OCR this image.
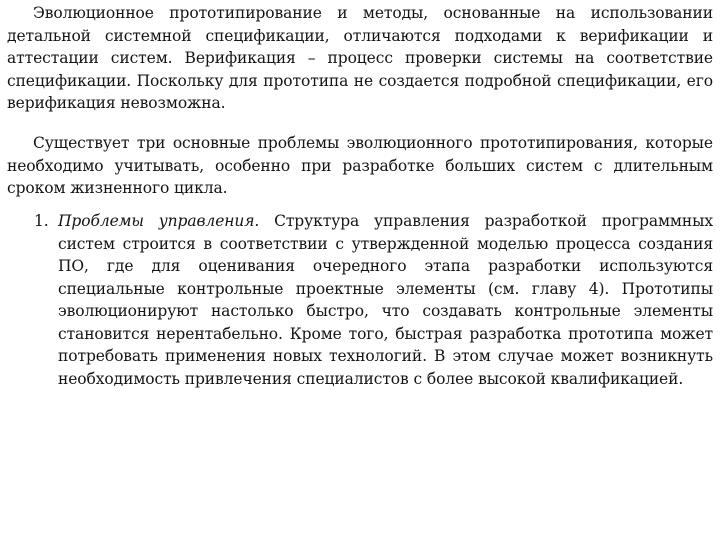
Эволюционное прототипирование и методы, основанные на использовании детальной системной спецификации, отличаются подходами к верификации и аттестации систем. Верификация – процесс проверки системы на соответствие спецификации. Поскольку для прототипа не создается подробной спецификации, его верификация невозможна.

Существует три основные проблемы эволюционного прототипирования, которые необходимо учитывать, особенно при разработке больших систем с длительным сроком жизненного цикла.

1. Проблемы управления. Структура управления разработкой программных систем строится в соответствии с утвержденной моделью процесса создания ПО, где для оценивания очередного этапа разработки используются специальные контрольные проектные элементы (см. главу 4). Прототипы эволюционируют настолько быстро, что создавать контрольные элементы становится нерентабельно. Кроме того, быстрая разработка прототипа может потребовать применения новых технологий. В этом случае может возникнуть необходимость привлечения специалистов с более высокой квалификацией.
